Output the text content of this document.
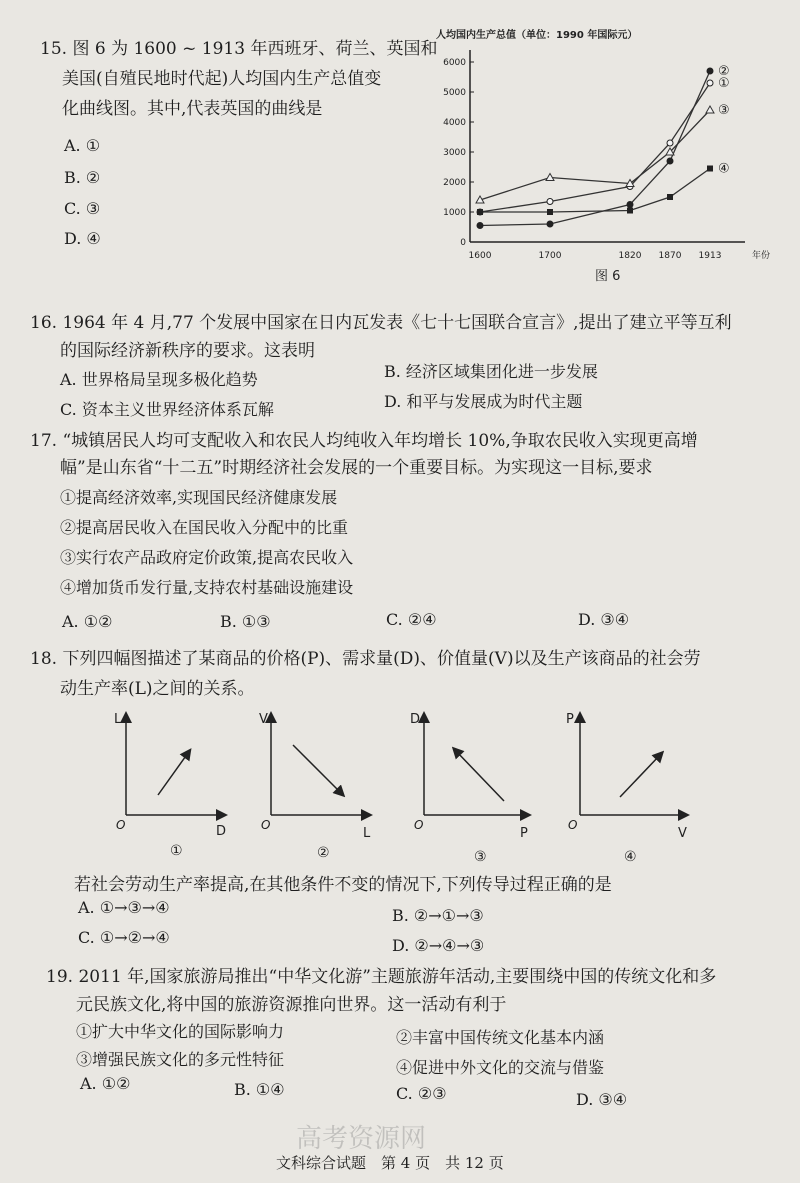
15. 图 6 为 1600 ~ 1913 年西班牙、荷兰、英国和
美国(自殖民地时代起)人均国内生产总值变
化曲线图。其中,代表英国的曲线是
A. ①
B. ②
C. ③
D. ④
人均国内生产总值（单位：1990 年国际元）
0
1000
2000
3000
4000
5000
6000
1600	1700	1820 1870 1913
①
②
③
④
年份
图 6
16. 1964 年 4 月,77 个发展中国家在日内瓦发表《七十七国联合宣言》,提出了建立平等互利
的国际经济新秩序的要求。这表明
A. 世界格局呈现多极化趋势	B. 经济区域集团化进一步发展
C. 资本主义世界经济体系瓦解	D. 和平与发展成为时代主题
17. “城镇居民人均可支配收入和农民人均纯收入年均增长 10%,争取农民收入实现更高增
幅”是山东省“十二五”时期经济社会发展的一个重要目标。为实现这一目标,要求
①提高经济效率,实现国民经济健康发展
②提高居民收入在国民收入分配中的比重
③实行农产品政府定价政策,提高农民收入
④增加货币发行量,支持农村基础设施建设
A. ①②	B. ①③	C. ②④	D. ③④
18. 下列四幅图描述了某商品的价格(P)、需求量(D)、价值量(V)以及生产该商品的社会劳
动生产率(L)之间的关系。
L
D
O
①
V
L
O
②
D
P
O
③
P
V
O
④
若社会劳动生产率提高,在其他条件不变的情况下,下列传导过程正确的是
A. ①→③→④	B. ②→①→③
C. ①→②→④	D. ②→④→③
19. 2011 年,国家旅游局推出“中华文化游”主题旅游年活动,主要围绕中国的传统文化和多
元民族文化,将中国的旅游资源推向世界。这一活动有利于
①扩大中华文化的国际影响力	②丰富中国传统文化基本内涵
③增强民族文化的多元性特征	④促进中外文化的交流与借鉴
A. ①②	B. ①④	C. ②③	D. ③④
高考资源网
文科综合试题　第 4 页　共 12 页
